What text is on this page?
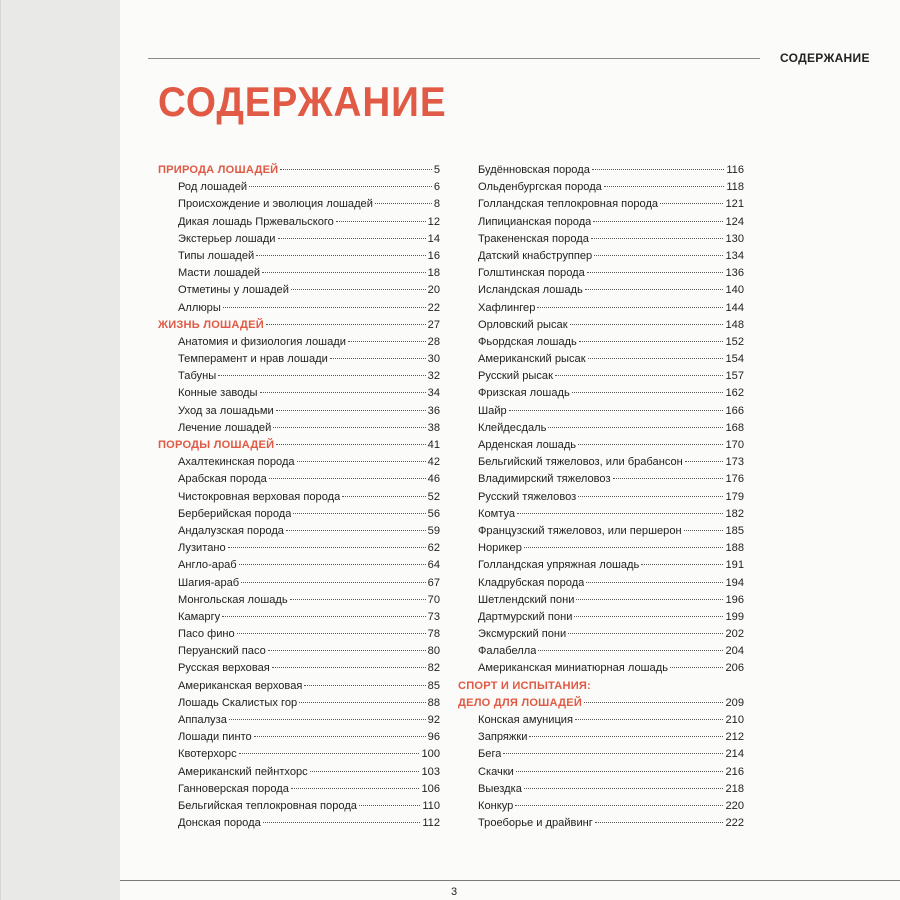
СОДЕРЖАНИЕ
СОДЕРЖАНИЕ
ПРИРОДА ЛОШАДЕЙ	5
Род лошадей	6
Происхождение и эволюция лошадей	8
Дикая лошадь Пржевальского	12
Экстерьер лошади	14
Типы лошадей	16
Масти лошадей	18
Отметины у лошадей	20
Аллюры	22
ЖИЗНЬ ЛОШАДЕЙ	27
Анатомия и физиология лошади	28
Темперамент и нрав лошади	30
Табуны	32
Конные заводы	34
Уход за лошадьми	36
Лечение лошадей	38
ПОРОДЫ ЛОШАДЕЙ	41
Ахалтекинская порода	42
Арабская порода	46
Чистокровная верховая порода	52
Берберийская порода	56
Андалузская порода	59
Лузитано	62
Англо-араб	64
Шагия-араб	67
Монгольская лошадь	70
Камаргу	73
Пасо фино	78
Перуанский пасо	80
Русская верховая	82
Американская верховая	85
Лошадь Скалистых гор	88
Аппалуза	92
Лошади пинто	96
Квотерхорс	100
Американский пейнтхорс	103
Ганноверская порода	106
Бельгийская теплокровная порода	110
Донская порода	112
Будённовская порода	116
Ольденбургская порода	118
Голландская теплокровная порода	121
Липицианская порода	124
Тракененская порода	130
Датский кнабструппер	134
Голштинская порода	136
Исландская лошадь	140
Хафлингер	144
Орловский рысак	148
Фьордская лошадь	152
Американский рысак	154
Русский рысак	157
Фризская лошадь	162
Шайр	166
Клейдесдаль	168
Арденская лошадь	170
Бельгийский тяжеловоз, или брабансон	173
Владимирский тяжеловоз	176
Русский тяжеловоз	179
Комтуа	182
Французский тяжеловоз, или першерон	185
Норикер	188
Голландская упряжная лошадь	191
Кладрубская порода	194
Шетлендский пони	196
Дартмурский пони	199
Эксмурский пони	202
Фалабелла	204
Американская миниатюрная лошадь	206
СПОРТ И ИСПЫТАНИЯ:
ДЕЛО ДЛЯ ЛОШАДЕЙ	209
Конская амуниция	210
Запряжки	212
Бега	214
Скачки	216
Выездка	218
Конкур	220
Троеборье и драйвинг	222
3
